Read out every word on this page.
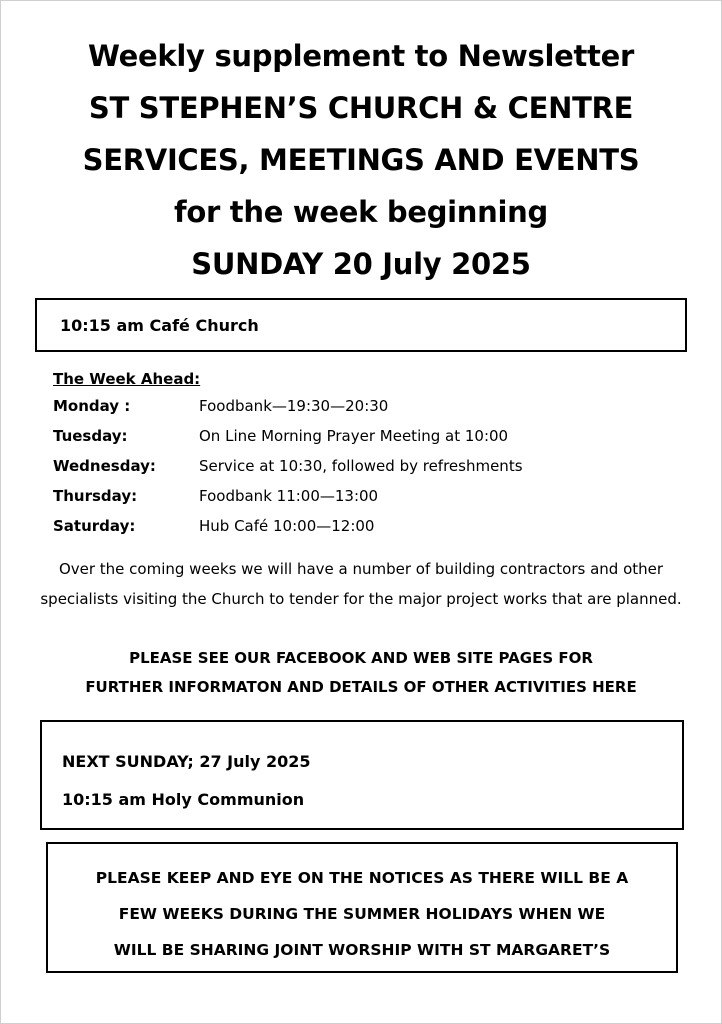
Weekly supplement to Newsletter
ST STEPHEN’S CHURCH & CENTRE
SERVICES, MEETINGS AND EVENTS
for the week beginning
SUNDAY 20 July 2025
10:15 am Café Church
The Week Ahead:
Monday :	Foodbank—19:30—20:30
Tuesday:	On Line Morning Prayer Meeting at 10:00
Wednesday:	Service at 10:30, followed by refreshments
Thursday:	Foodbank 11:00—13:00
Saturday:	Hub Café 10:00—12:00
Over the coming weeks we will have a number of building contractors and other specialists visiting the Church to tender for the major project works that are planned.
PLEASE SEE OUR FACEBOOK AND WEB SITE PAGES FOR
FURTHER INFORMATON AND DETAILS OF OTHER ACTIVITIES HERE
NEXT SUNDAY; 27 July 2025
10:15 am Holy Communion
PLEASE KEEP AND EYE ON THE NOTICES AS THERE WILL BE A
FEW WEEKS DURING THE SUMMER HOLIDAYS WHEN WE
WILL BE SHARING JOINT WORSHIP WITH ST MARGARET’S
